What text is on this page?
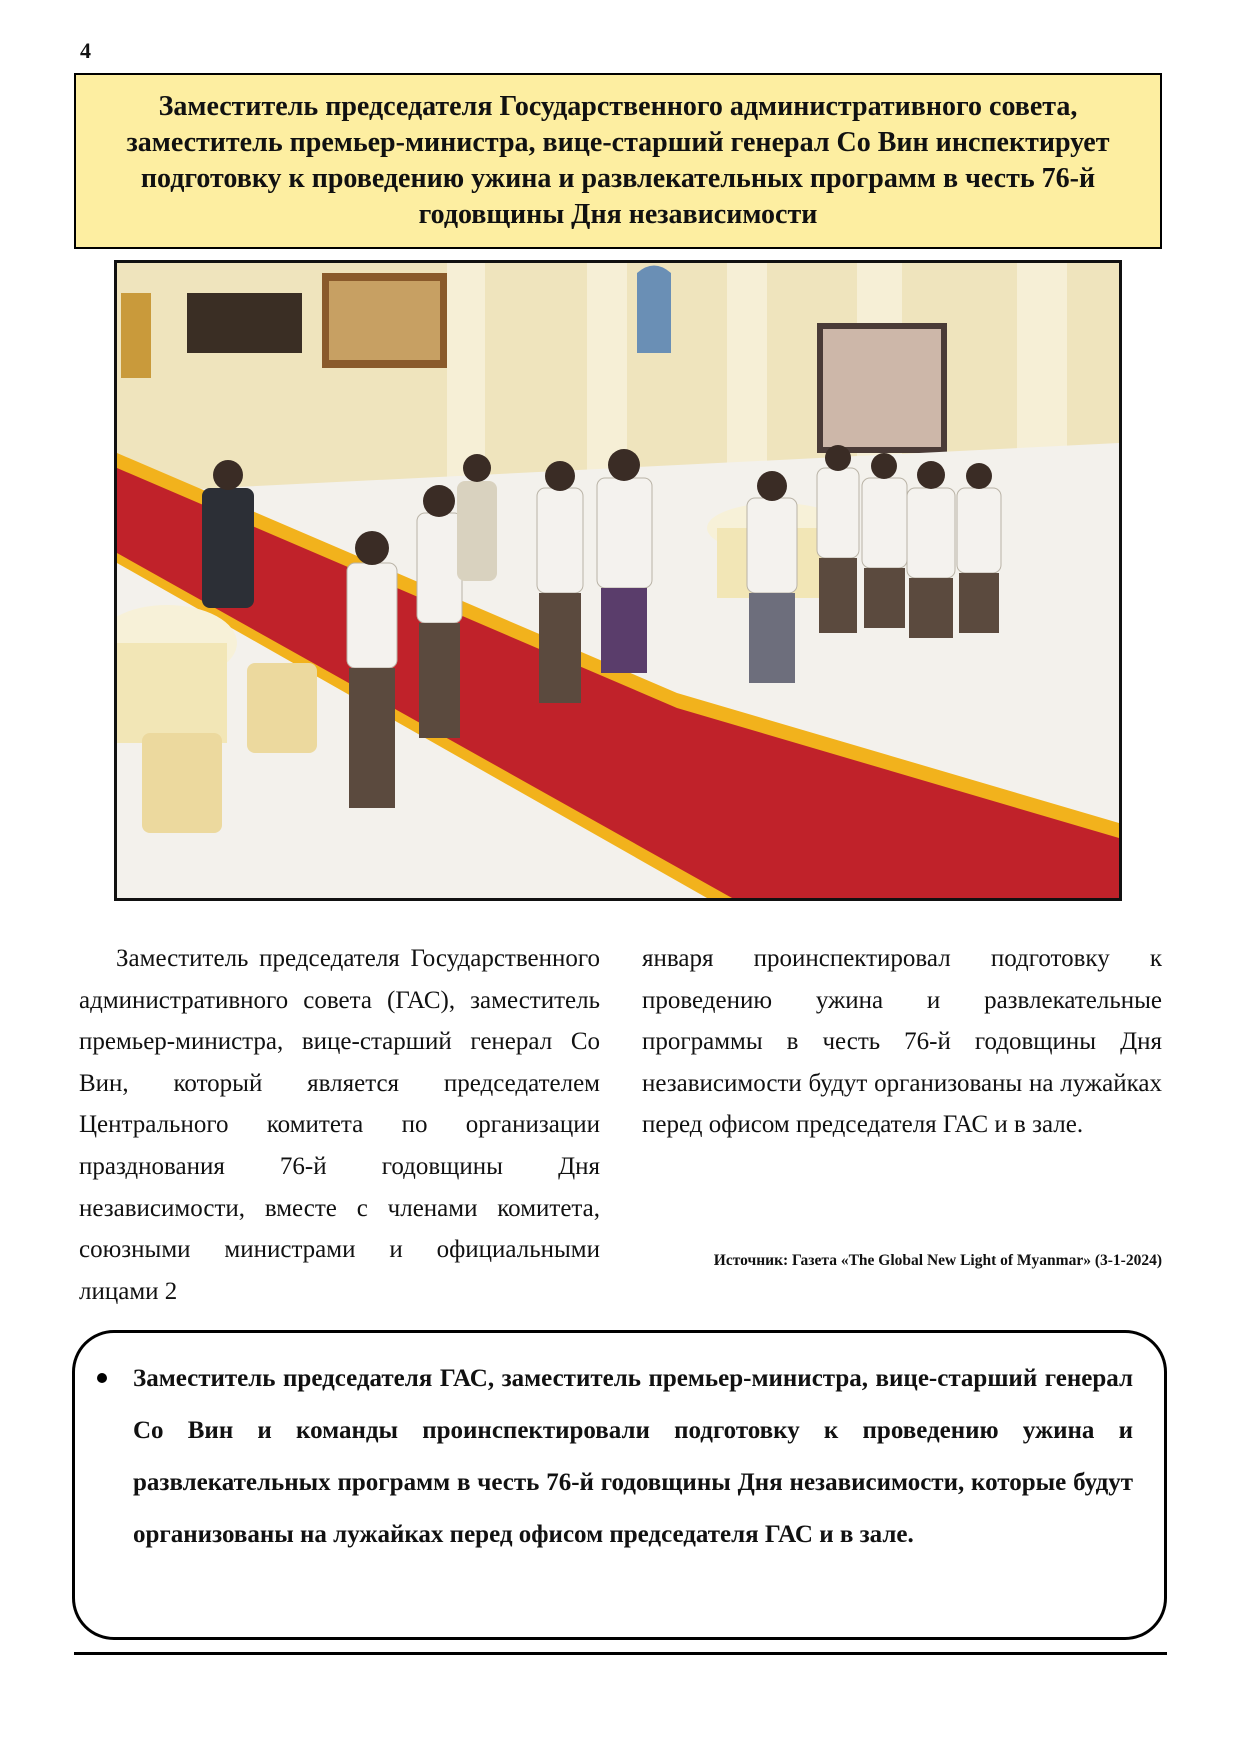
4
Заместитель председателя Государственного административного совета, заместитель премьер-министра, вице-старший генерал Со Вин инспектирует подготовку к проведению ужина и развлекательных программ в честь 76-й годовщины Дня независимости

Заместитель председателя Государственного административного совета (ГАС), заместитель премьер-министра, вице-старший генерал Со Вин, который является председателем Центрального комитета по организации празднования 76-й годовщины Дня независимости, вместе с членами комитета, союзными министрами и официальными лицами 2

января проинспектировал подготовку к проведению ужина и развлекательные программы в честь 76-й годовщины Дня независимости будут организованы на лужайках перед офисом председателя ГАС и в зале.

Источник: Газета «The Global New Light of Myanmar» (3-1-2024)
Заместитель председателя ГАС, заместитель премьер-министра, вице-старший генерал Со Вин и команды проинспектировали подготовку к проведению ужина и развлекательных программ в честь 76-й годовщины Дня независимости, которые будут организованы на лужайках перед офисом председателя ГАС и в зале.
